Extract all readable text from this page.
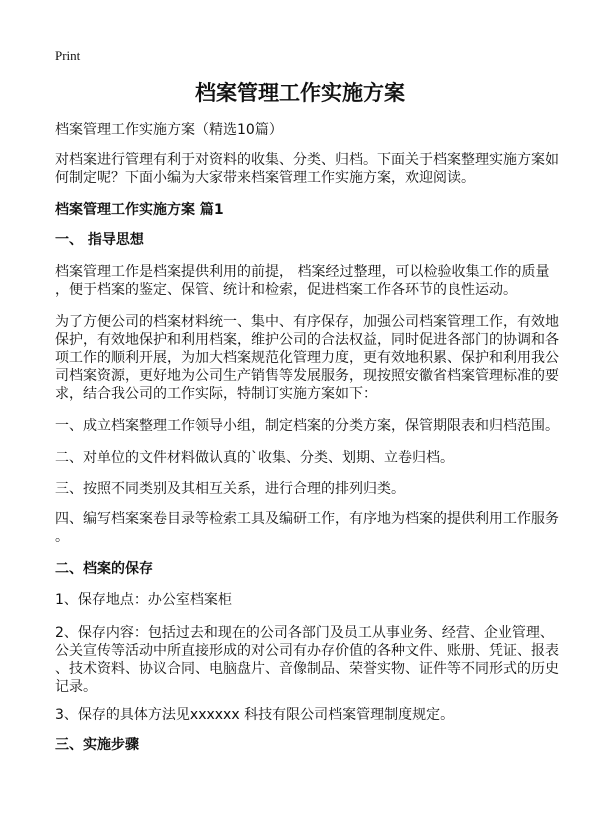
Print
档案管理工作实施方案
档案管理工作实施方案（精选10篇）
对档案进行管理有利于对资料的收集、分类、归档。下面关于档案整理实施方案如
何制定呢？下面小编为大家带来档案管理工作实施方案，欢迎阅读。
档案管理工作实施方案 篇1
一、 指导思想
档案管理工作是档案提供利用的前提， 档案经过整理，可以检验收集工作的质量
，便于档案的鉴定、保管、统计和检索，促进档案工作各环节的良性运动。
为了方便公司的档案材料统一、集中、有序保存，加强公司档案管理工作，有效地
保护，有效地保护和利用档案，维护公司的合法权益，同时促进各部门的协调和各
项工作的顺利开展，为加大档案规范化管理力度，更有效地积累、保护和利用我公
司档案资源，更好地为公司生产销售等发展服务，现按照安徽省档案管理标准的要
求，结合我公司的工作实际，特制订实施方案如下：
一、成立档案整理工作领导小组，制定档案的分类方案，保管期限表和归档范围。
二、对单位的文件材料做认真的`收集、分类、划期、立卷归档。
三、按照不同类别及其相互关系，进行合理的排列归类。
四、编写档案案卷目录等检索工具及编研工作，有序地为档案的提供利用工作服务
。
二、档案的保存
1、保存地点：办公室档案柜
2、保存内容：包括过去和现在的公司各部门及员工从事业务、经营、企业管理、
公关宣传等活动中所直接形成的对公司有办存价值的各种文件、账册、凭证、报表
、技术资料、协议合同、电脑盘片、音像制品、荣誉实物、证件等不同形式的历史
记录。
3、保存的具体方法见xxxxxx 科技有限公司档案管理制度规定。
三、实施步骤
